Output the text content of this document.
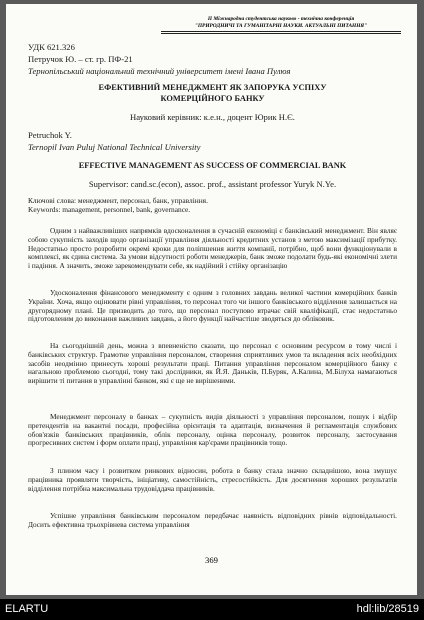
ІІ Міжнародна студентська науково - технічна конференція
"ПРИРОДНИЧІ ТА ГУМАНІТАРНІ НАУКИ. АКТУАЛЬНІ ПИТАННЯ"
УДК 621.326
Петручок Ю. – ст. гр. ПФ-21
Тернопільський національний технічний університет імені Івана Пулюя
ЕФЕКТИВНИЙ МЕНЕДЖМЕНТ ЯК ЗАПОРУКА УСПІХУ
КОМЕРЦІЙНОГО БАНКУ
Науковий керівник: к.е.н., доцент Юрик Н.Є.
Petruchok Y.
Ternopil Ivan Puluj National Technical University
EFFECTIVE MANAGEMENT AS SUCCESS OF COMMERCIAL BANK
Supervisor: cand.sc.(econ), assoc. prof., assistant professor Yuryk N.Ye.
Ключові слова: менеджмент, персонал, банк, управління.
Keywords: management, personnel, bank, governance.
Одним з найважливіших напрямків вдосконалення в сучасній економіці є банківський менеджмент. Він являє собою сукупність заходів щодо організації управління діяльності кредитних установ з метою максимізації прибутку. Недостатньо просто розробити окремі кроки для поліпшення життя компанії, потрібно, щоб вони функціонували в комплексі, як єдина система. За умови відсутності роботи менеджерів, банк зможе подолати будь-які економічні злети і падіння. А значить, зможе зарекомендувати себе, як надійний і стійку організацію
Удосконалення фінансового менеджменту є одним з головних завдань великої частини комерційних банків України. Хоча, якщо оцінювати рівні управління, то персонал того чи іншого банківського відділення залишається на другорядному плані. Це призводить до того, що персонал поступово втрачає свій кваліфікації, стає недостатньо підготовленим до виконання важливих завдань, а його функції найчастіше зводяться до обліковик.
На сьогоднішній день, можна з впевненістю сказати, що персонал є основним ресурсом в тому числі і банківських структур. Грамотне управління персоналом, створення сприятливих умов та вкладення всіх необхідних засобів неодмінно принесуть хороші результати праці. Питання управління персоналом комерційного банку є нагальною проблемою сьогодні, тому такі дослідники, як Й.Я. Даньків, П.Буряк, А.Калина, М.Білуха намагаються вирішити ті питання в управлінні банком, які є ще не вирішеними.
Менеджмент персоналу в банках – сукупність видів діяльності з управління персоналом, пошук і відбір претендентів на вакантні посади, професійна орієнтація та адаптація, визначення й регламентація службових обов'язків банківських працівників, облік персоналу, оцінка персоналу, розвиток персоналу, застосування прогресивних систем і форм оплати праці, управління кар'єрами працівників тощо.
З плином часу і розвитком ринкових відносин, робота в банку стала значно складнішою, вона змушує працівника проявляти творчість, ініціативу, самостійність, стресостійкість. Для досягнення хороших результатів відділення потрібна максимальна трудовіддача працівників.
Успішне управління банківським персоналом передбачає наявність відповідних рівнів відповідальності. Досить ефективна трьохрівнева система управління
369
ELARTU	hdl:lib/28519
